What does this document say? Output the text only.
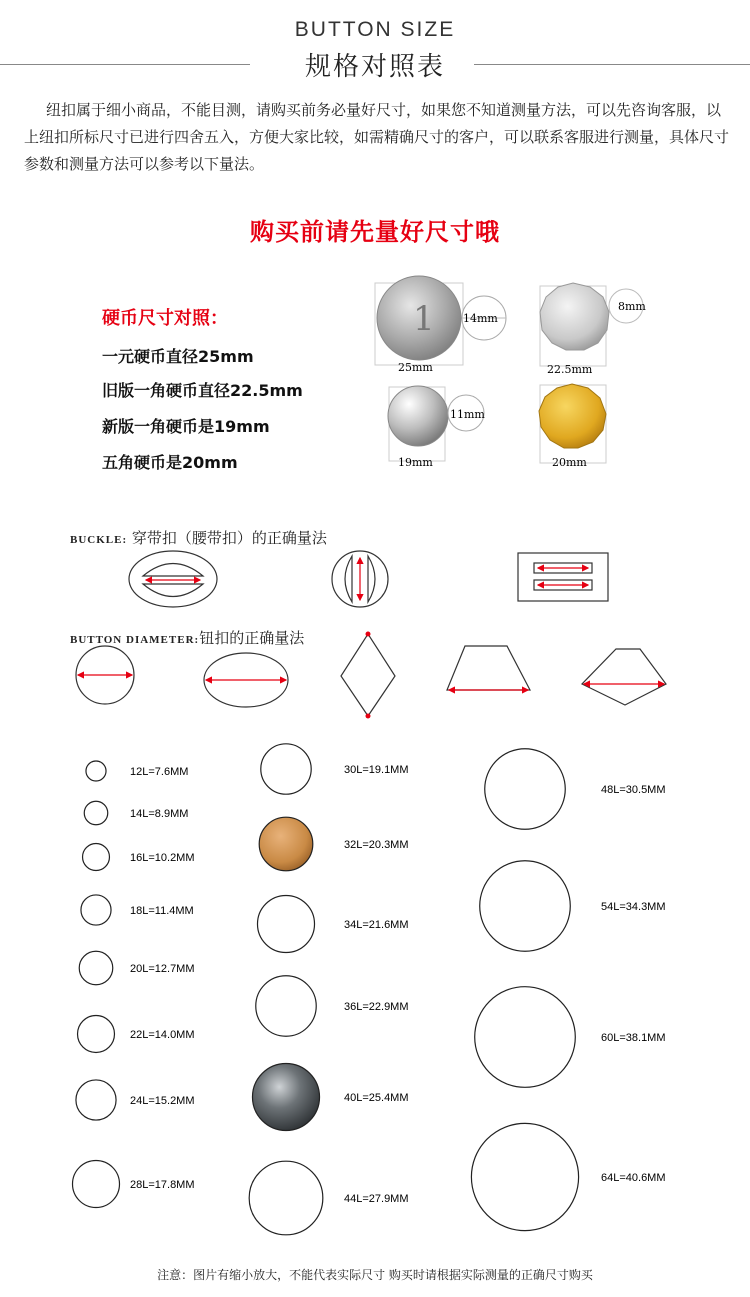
BUTTON SIZE
规格对照表
纽扣属于细小商品，不能目测，请购买前务必量好尺寸，如果您不知道测量方法，可以先咨询客服，以上纽扣所标尺寸已进行四舍五入，方便大家比较，如需精确尺寸的客户，可以联系客服进行测量，具体尺寸参数和测量方法可以参考以下量法。
购买前请先量好尺寸哦
硬币尺寸对照：
一元硬币直径25mm
旧版一角硬币直径22.5mm
新版一角硬币是19mm
五角硬币是20mm
1
25mm
14mm
22.5mm
8mm
19mm
11mm
20mm
12L=7.6MM
14L=8.9MM
16L=10.2MM
18L=11.4MM
20L=12.7MM
22L=14.0MM
24L=15.2MM
28L=17.8MM
30L=19.1MM
32L=20.3MM
34L=21.6MM
36L=22.9MM
40L=25.4MM
44L=27.9MM
48L=30.5MM
54L=34.3MM
60L=38.1MM
64L=40.6MM
BUCKLE: 穿带扣（腰带扣）的正确量法
BUTTON DIAMETER:钮扣的正确量法
注意：图片有缩小放大，不能代表实际尺寸 购买时请根据实际测量的正确尺寸购买
